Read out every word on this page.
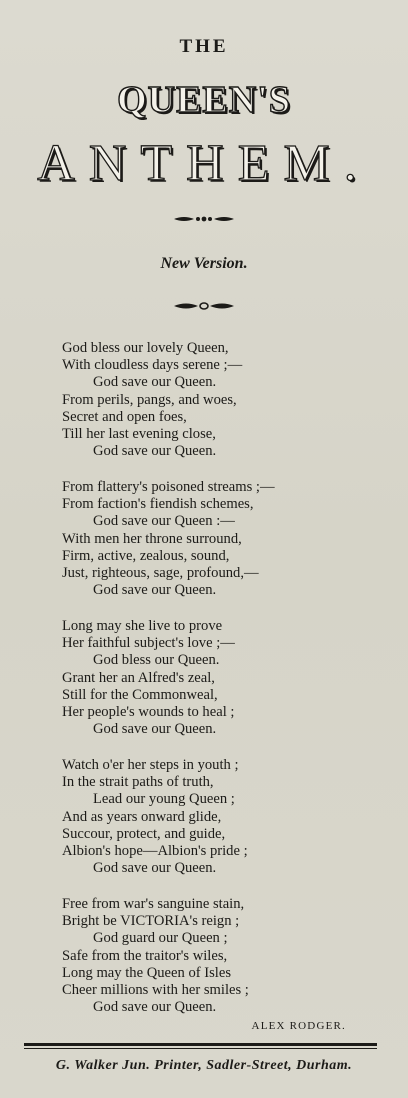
THE
QUEEN'S
ANTHEM.
New Version.
God bless our lovely Queen,
With cloudless days serene ;—
God save our Queen.
From perils, pangs, and woes,
Secret and open foes,
Till her last evening close,
God save our Queen.
From flattery's poisoned streams ;—
From faction's fiendish schemes,
God save our Queen :—
With men her throne surround,
Firm, active, zealous, sound,
Just, righteous, sage, profound,—
God save our Queen.
Long may she live to prove
Her faithful subject's love ;—
God bless our Queen.
Grant her an Alfred's zeal,
Still for the Commonweal,
Her people's wounds to heal ;
God save our Queen.
Watch o'er her steps in youth ;
In the strait paths of truth,
Lead our young Queen ;
And as years onward glide,
Succour, protect, and guide,
Albion's hope—Albion's pride ;
God save our Queen.
Free from war's sanguine stain,
Bright be VICTORIA's reign ;
God guard our Queen ;
Safe from the traitor's wiles,
Long may the Queen of Isles
Cheer millions with her smiles ;
God save our Queen.
ALEX RODGER.
G. Walker Jun. Printer, Sadler-Street, Durham.
